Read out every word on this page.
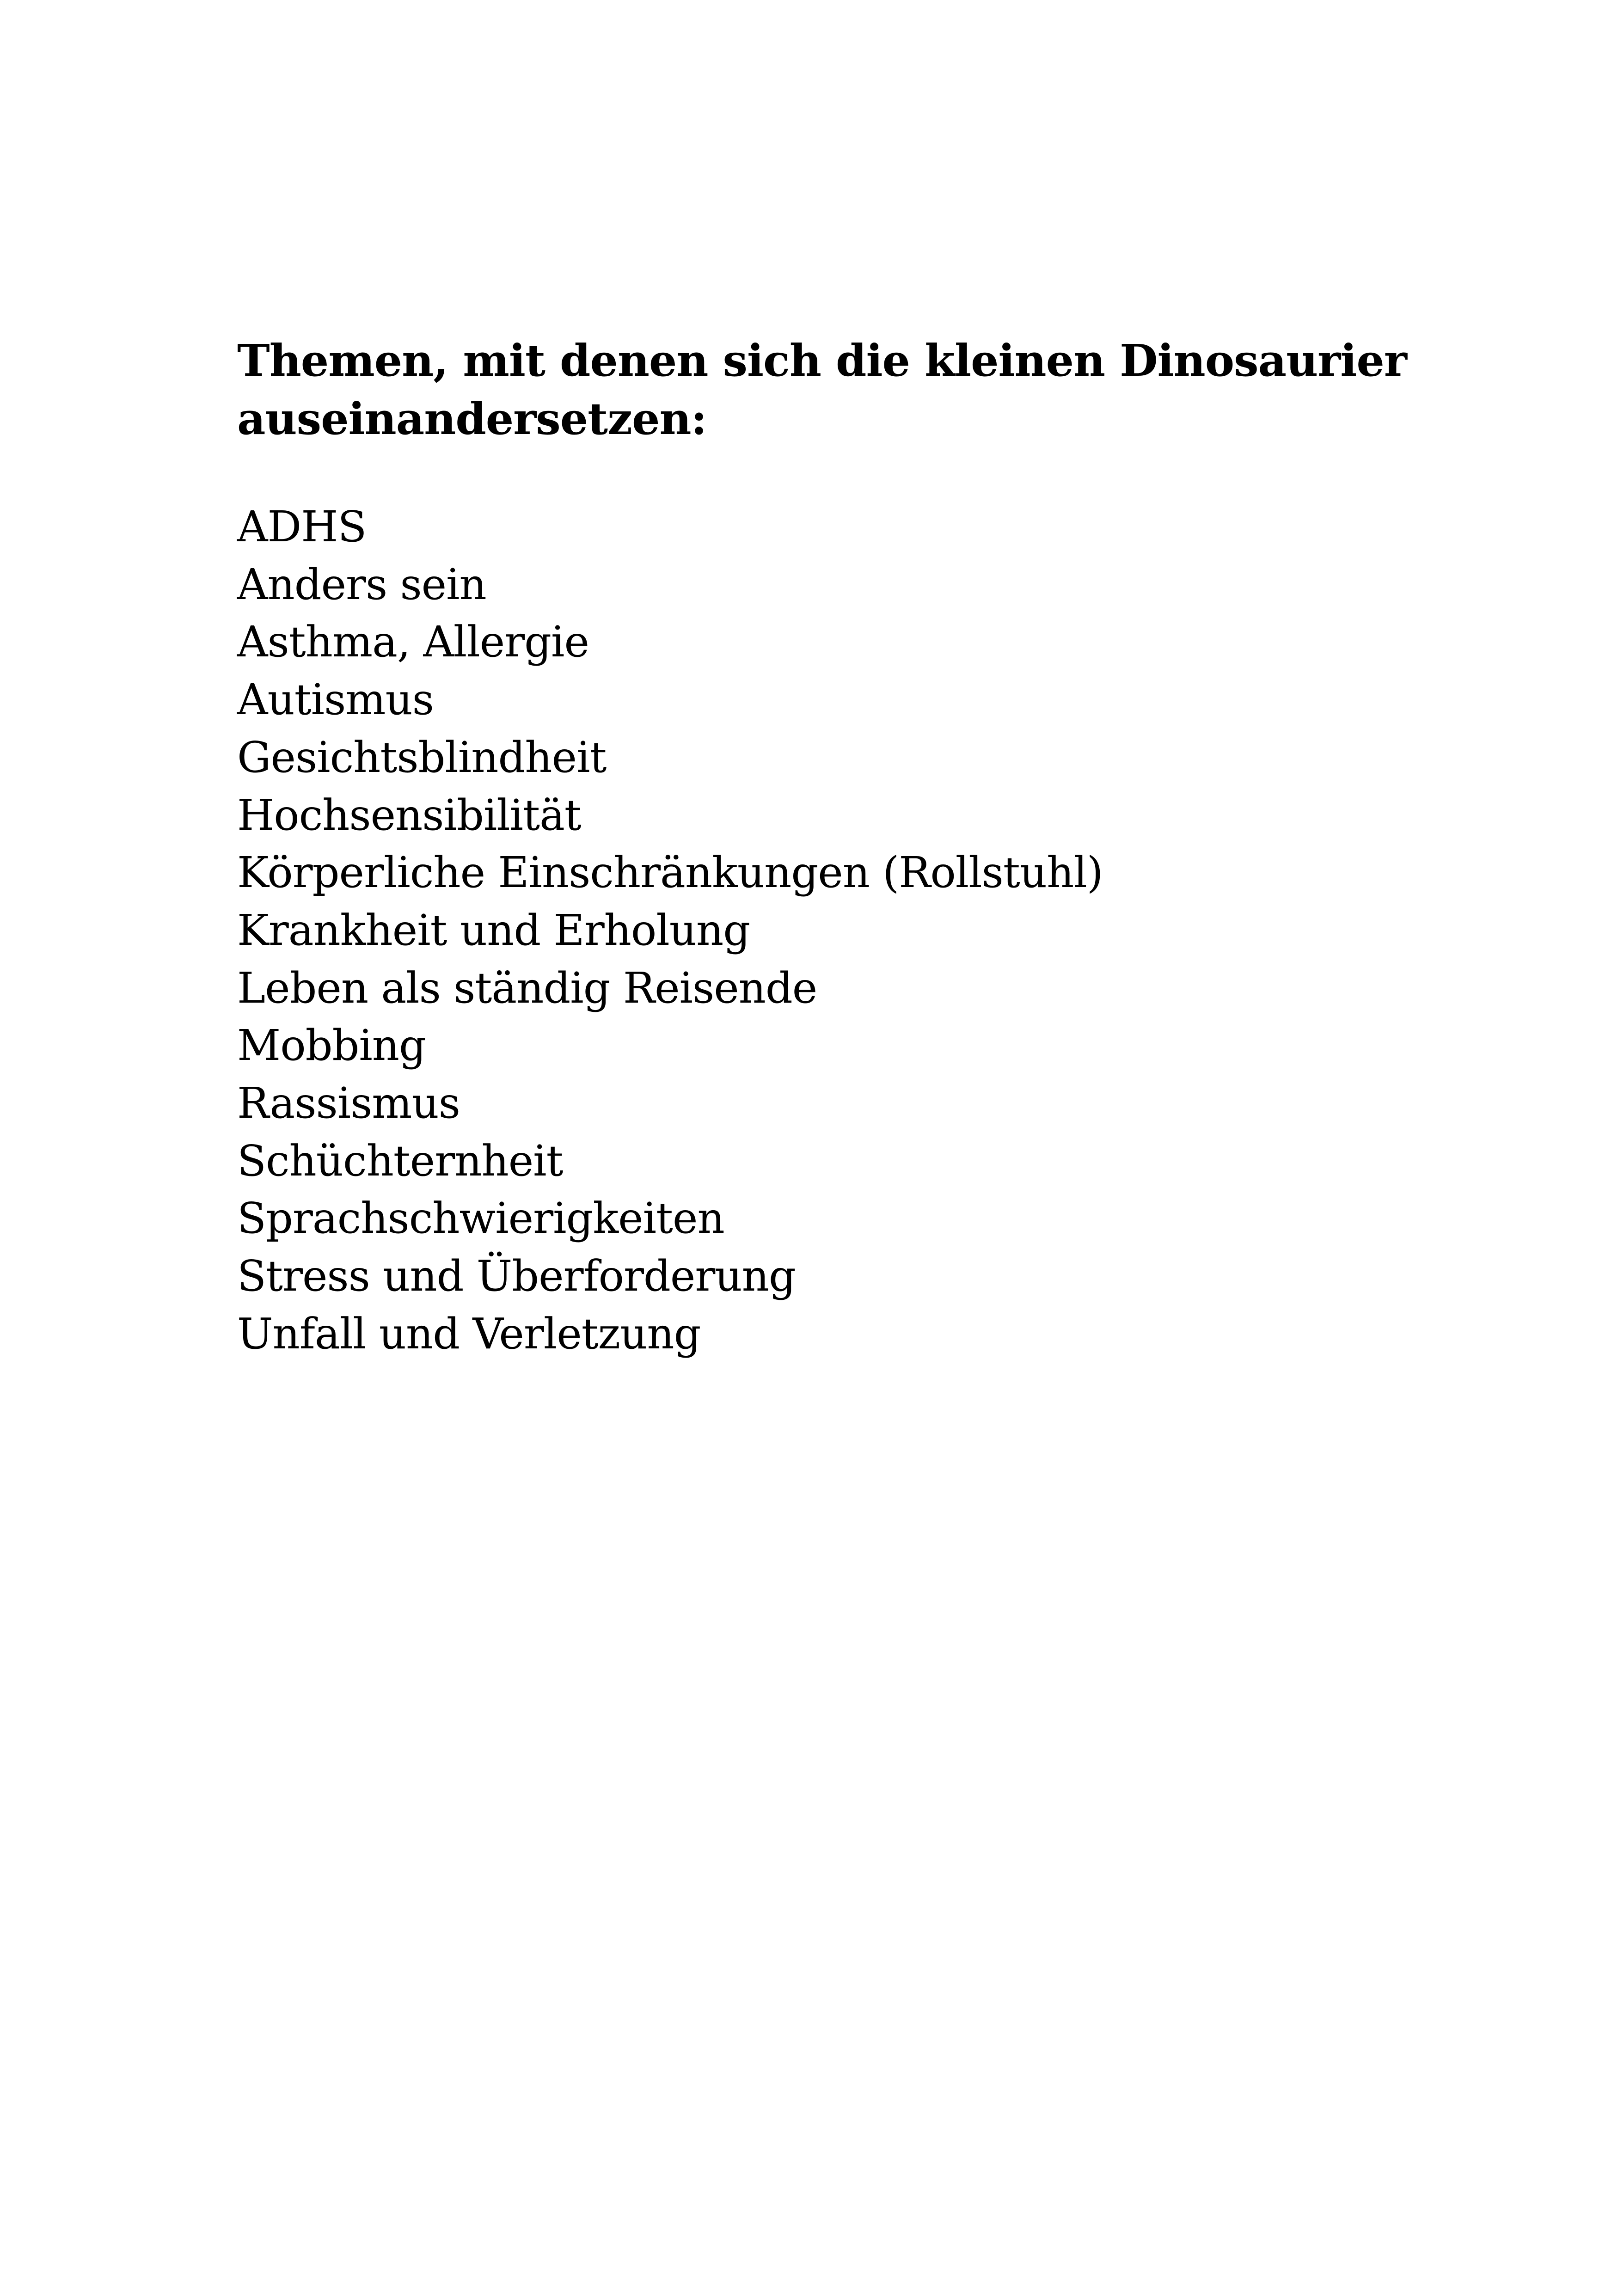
Themen, mit denen sich die kleinen Dinosaurier
auseinandersetzen:
ADHS
Anders sein
Asthma, Allergie
Autismus
Gesichtsblindheit
Hochsensibilität
Körperliche Einschränkungen (Rollstuhl)
Krankheit und Erholung
Leben als ständig Reisende
Mobbing
Rassismus
Schüchternheit
Sprachschwierigkeiten
Stress und Überforderung
Unfall und Verletzung
